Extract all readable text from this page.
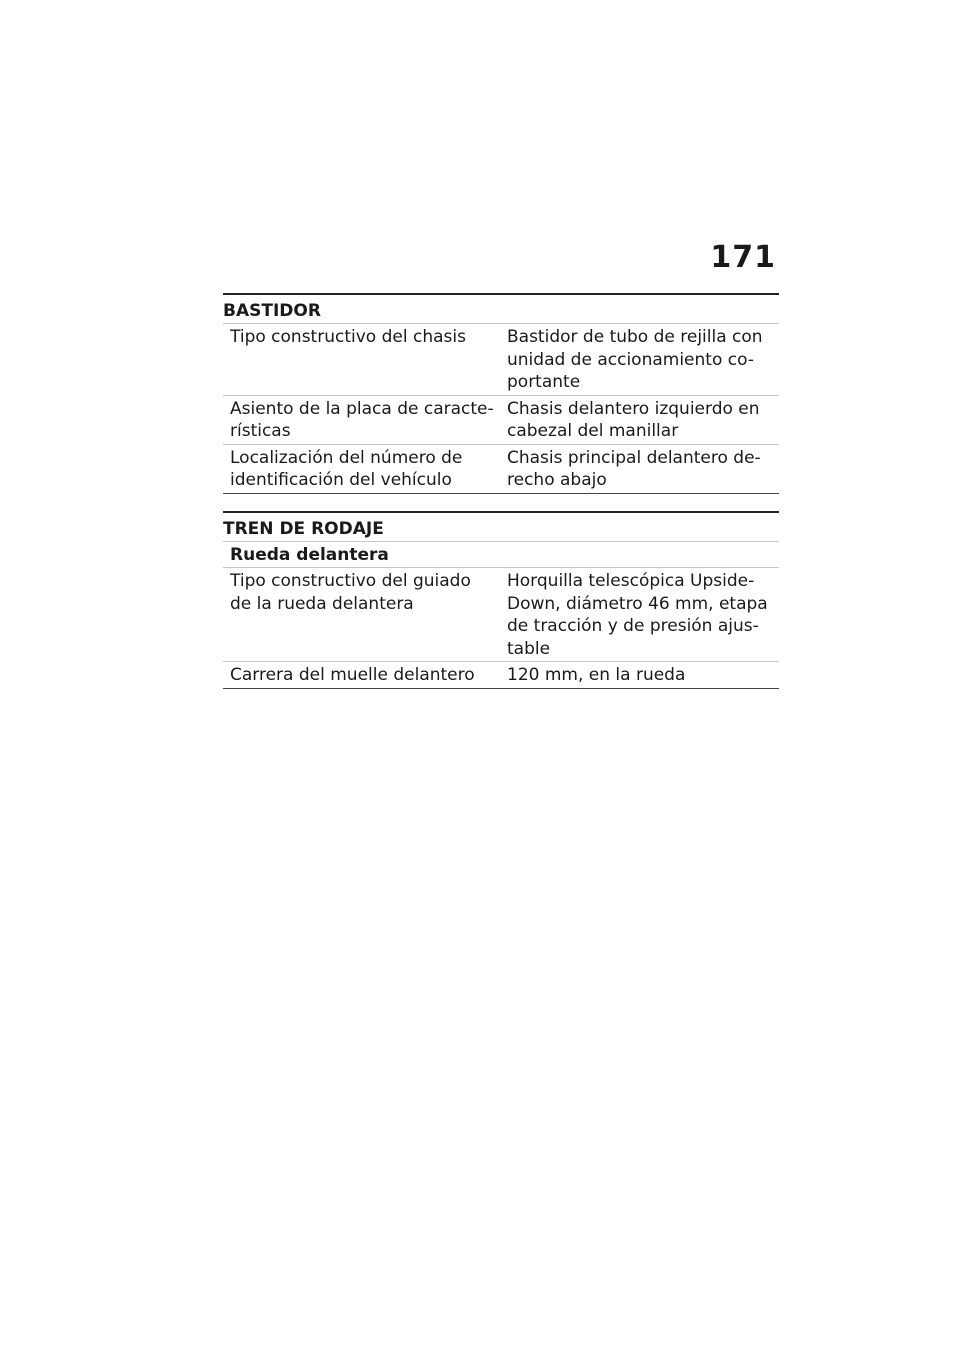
171
BASTIDOR
Tipo constructivo del chasis	Bastidor de tubo de rejilla con unidad de accionamiento co-portante
Asiento de la placa de caracte-rísticas	Chasis delantero izquierdo en cabezal del manillar
Localización del número de identificación del vehículo	Chasis principal delantero de-recho abajo
TREN DE RODAJE
Rueda delantera	
Tipo constructivo del guiado de la rueda delantera	Horquilla telescópica Upside-Down, diámetro 46 mm, etapa de tracción y de presión ajus-table
Carrera del muelle delantero	120 mm, en la rueda
